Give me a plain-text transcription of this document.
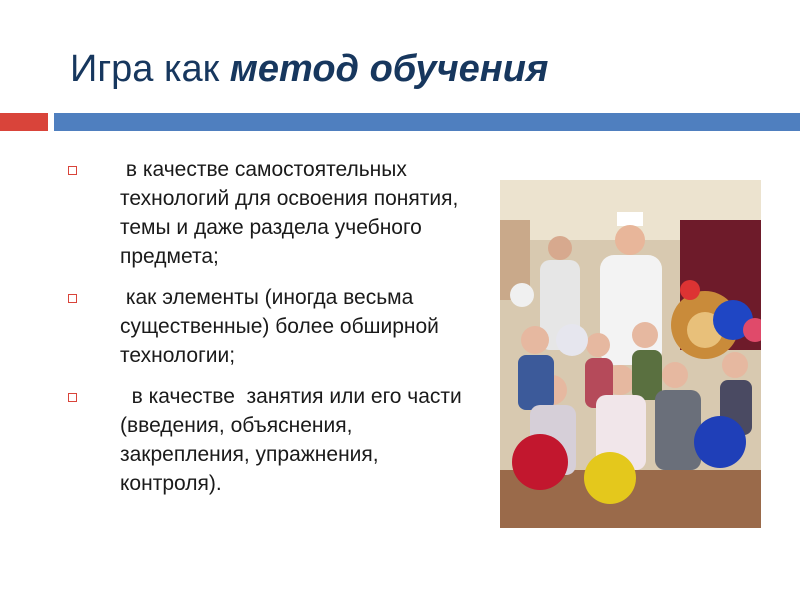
Игра как метод обучения
в качестве самостоятельных технологий для освоения понятия, темы и даже раздела учебного предмета;
как элементы (иногда весьма существенные) более обширной технологии;
в качестве  занятия или его части (введения, объяснения, закрепления, упражнения, контроля).
